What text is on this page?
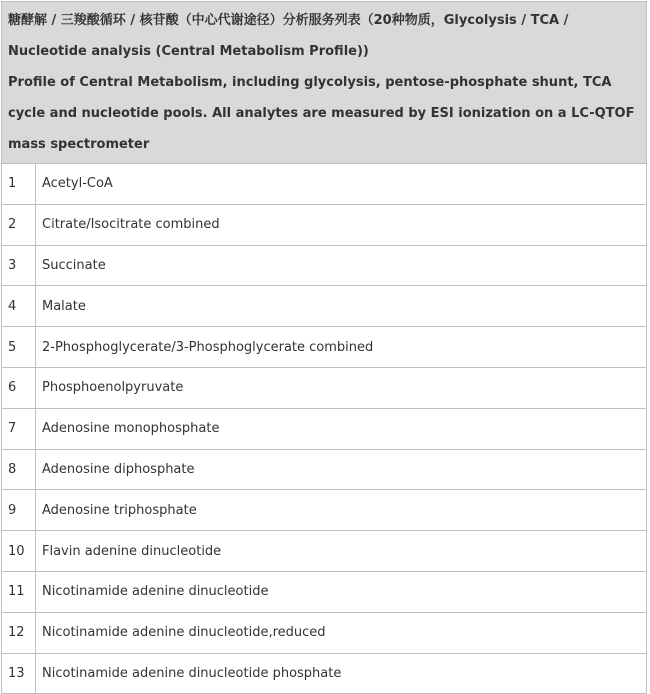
糖酵解 / 三羧酸循环 / 核苷酸（中心代谢途径）分析服务列表（20种物质，Glycolysis / TCA / Nucleotide analysis (Central Metabolism Profile))
Profile of Central Metabolism, including glycolysis, pentose-phosphate shunt, TCA cycle and nucleotide pools. All analytes are measured by ESI ionization on a LC-QTOF mass spectrometer	

1	Acetyl-CoA
2	Citrate/Isocitrate combined
3	Succinate
4	Malate
5	2-Phosphoglycerate/3-Phosphoglycerate combined
6	Phosphoenolpyruvate
7	Adenosine monophosphate
8	Adenosine diphosphate
9	Adenosine triphosphate
10	Flavin adenine dinucleotide
11	Nicotinamide adenine dinucleotide
12	Nicotinamide adenine dinucleotide,reduced
13	Nicotinamide adenine dinucleotide phosphate
